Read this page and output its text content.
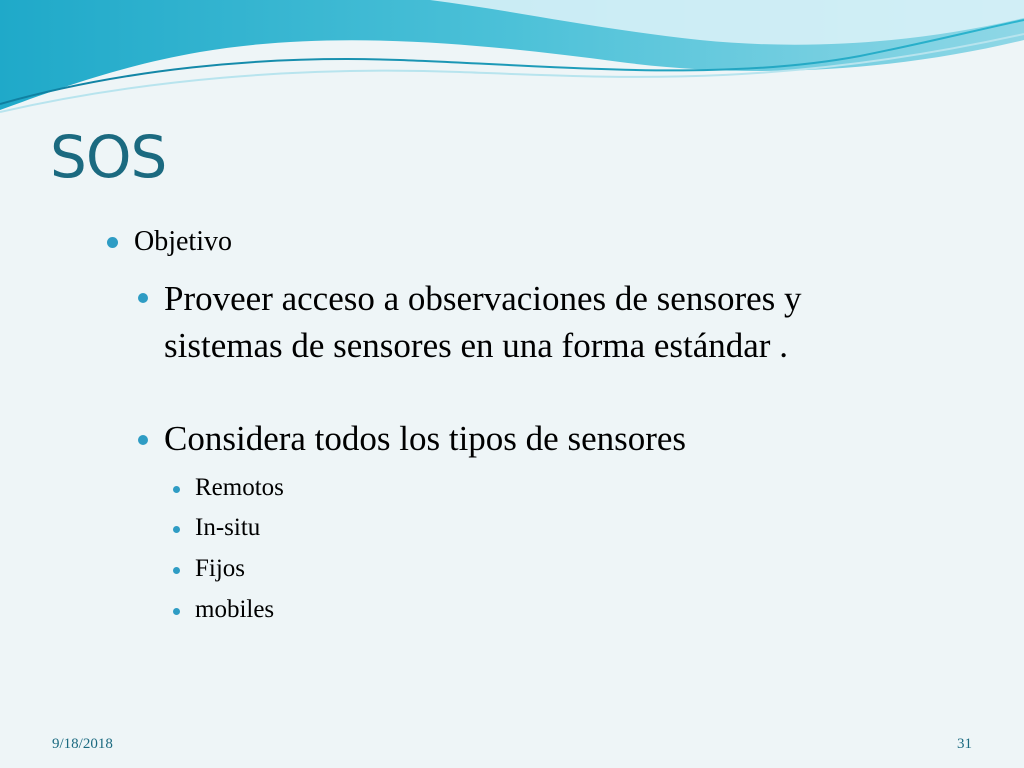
SOS
Objetivo
Proveer acceso a observaciones de sensores y
sistemas de sensores en una forma estándar .
Considera todos los tipos de sensores
Remotos
In-situ
Fijos
mobiles
9/18/2018	31
